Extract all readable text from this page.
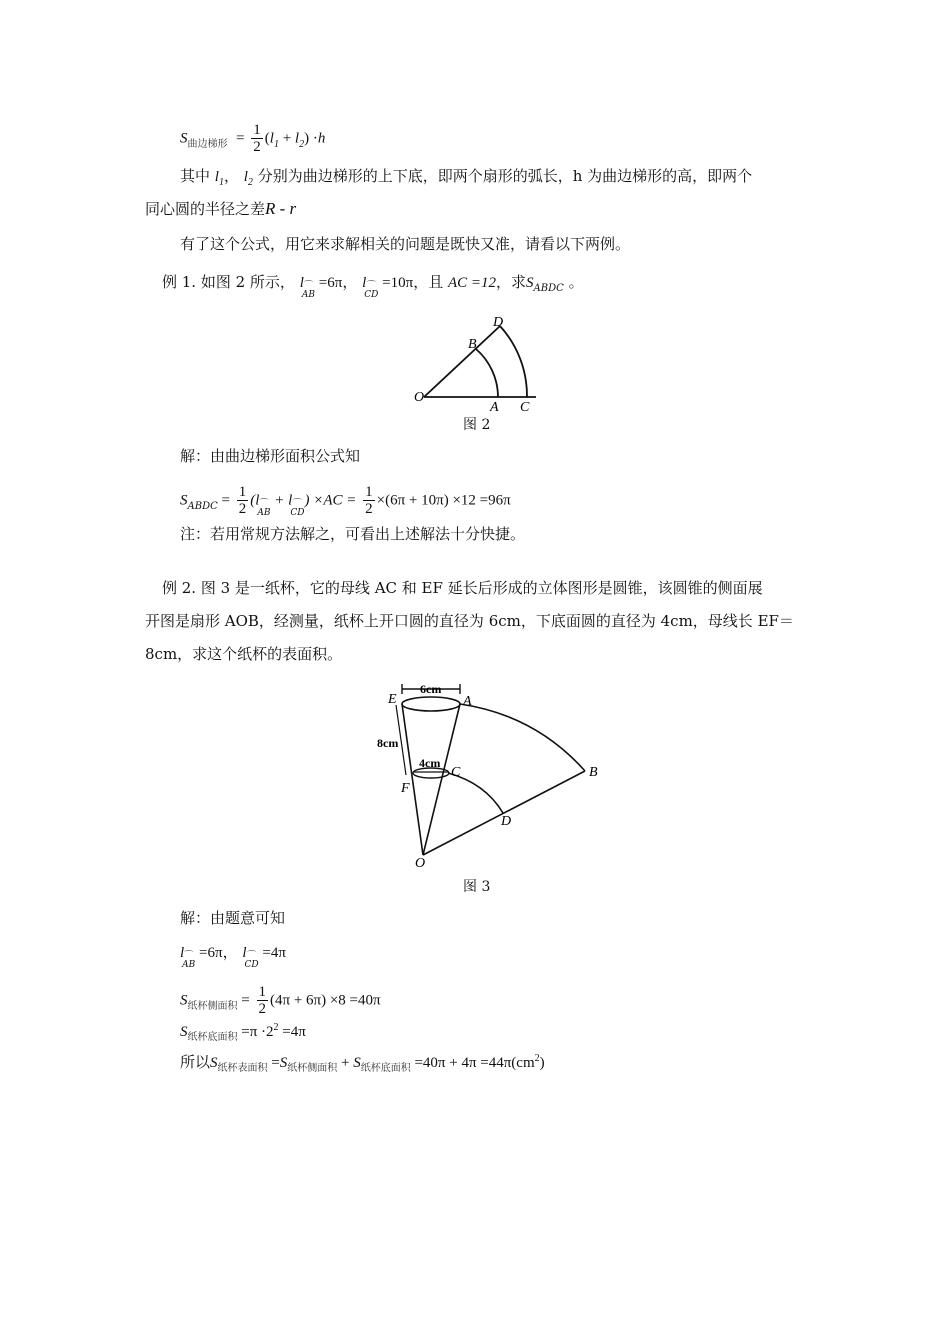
$S_{曲边梯形} = \frac{1}{2} (l_1 + l_2) \cdot h$
其中 $l_1$， $l_2$ 分别为曲边梯形的上下底，即两个扇形的弧长，h 为曲边梯形的高，即两个
同心圆的半径之差R - r
有了这个公式，用它来求解相关的问题是既快又准，请看以下两例。
例 1. 如图 2 所示， l ⌒
AB
=6π， l ⌒
CD
=10π，且 AC =12，求$S_{ABDC}$ 。
O
A C
B
D
图 2
解：由曲边梯形面积公式知
$S_{ABDC} = \frac{1}{2} (l$ ⌒
AB
+ l ⌒
CD
) $\times AC = \frac{1}{2} \times(6\pi + 10\pi) \times 12 =96\pi$
注：若用常规方法解之，可看出上述解法十分快捷。
例 2. 图 3 是一纸杯，它的母线 AC 和 EF 延长后形成的立体图形是圆锥，该圆锥的侧面展
开图是扇形 AOB，经测量，纸杯上开口圆的直径为 6cm，下底面圆的直径为 4cm，母线长 EF＝
8cm，求这个纸杯的表面积。
6cm
4cm
8cm
E	A
B
C
D
F
O
图 3
解：由题意可知
l ⌒
AB
=6π， l ⌒
CD
=4π
$S_{纸杯侧面积} = \frac{1}{2} (4\pi + 6\pi) \times 8 =40\pi$
$S_{纸杯底面积} =\pi \cdot 2^2 =4\pi$
所以$S_{纸杯表面积} =S_{纸杯侧面积} + S_{纸杯底面积} =40\pi + 4\pi =44\pi(cm^2)$
